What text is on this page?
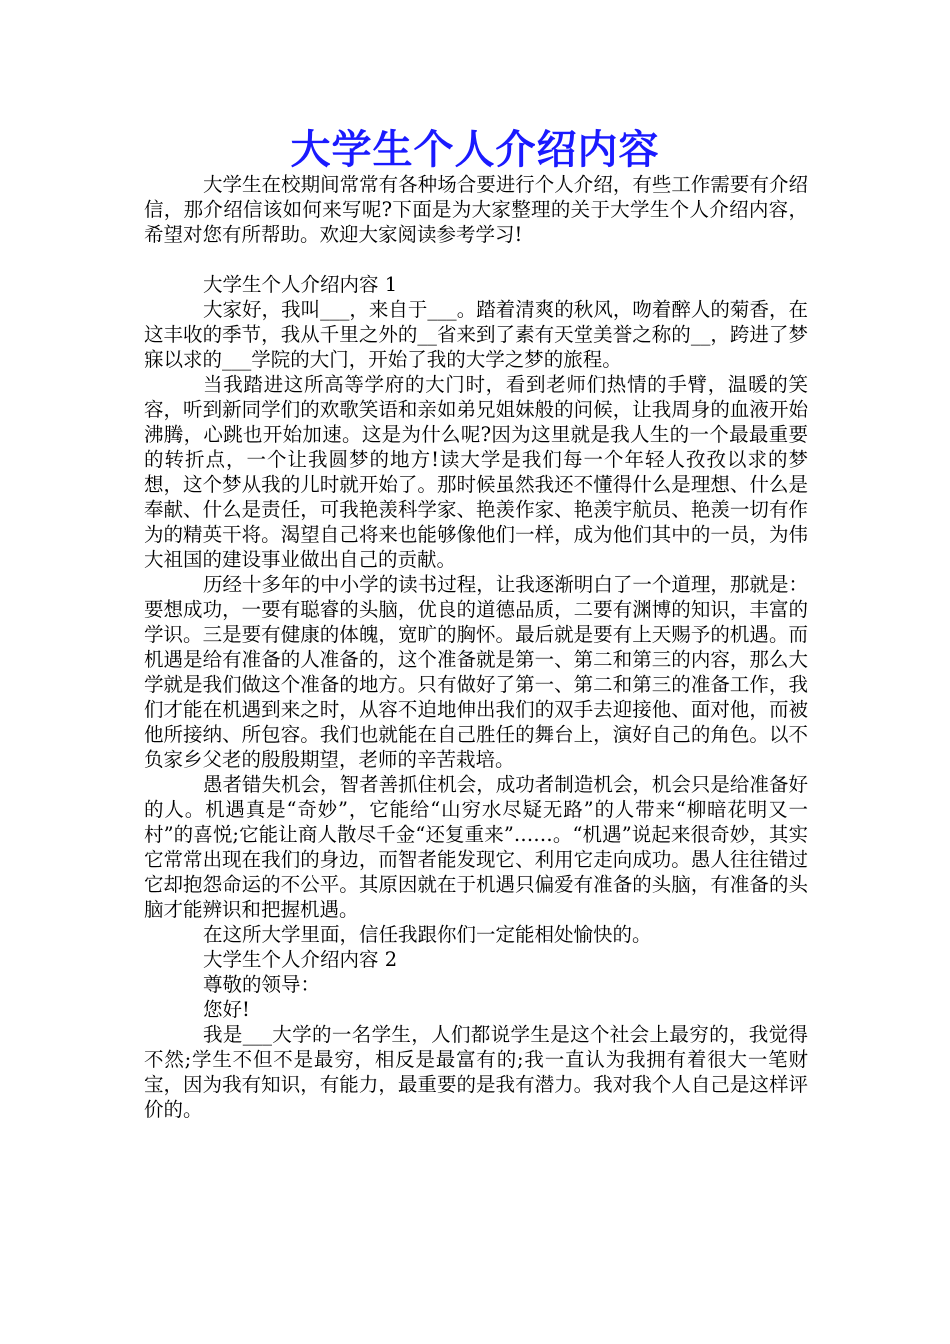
大学生个人介绍内容

大学生在校期间常常有各种场合要进行个人介绍，有些工作需要有介绍信，那介绍信该如何来写呢?下面是为大家整理的关于大学生个人介绍内容，希望对您有所帮助。欢迎大家阅读参考学习!

大学生个人介绍内容 1

大家好，我叫___，来自于___。踏着清爽的秋风，吻着醉人的菊香，在这丰收的季节，我从千里之外的__省来到了素有天堂美誉之称的__，跨进了梦寐以求的___学院的大门，开始了我的大学之梦的旅程。

当我踏进这所高等学府的大门时，看到老师们热情的手臂，温暖的笑容，听到新同学们的欢歌笑语和亲如弟兄姐妹般的问候，让我周身的血液开始沸腾，心跳也开始加速。这是为什么呢?因为这里就是我人生的一个最最重要的转折点，一个让我圆梦的地方!读大学是我们每一个年轻人孜孜以求的梦想，这个梦从我的儿时就开始了。那时候虽然我还不懂得什么是理想、什么是奉献、什么是责任，可我艳羡科学家、艳羡作家、艳羡宇航员、艳羡一切有作为的精英干将。渴望自己将来也能够像他们一样，成为他们其中的一员，为伟大祖国的建设事业做出自己的贡献。

历经十多年的中小学的读书过程，让我逐渐明白了一个道理，那就是：要想成功，一要有聪睿的头脑，优良的道德品质，二要有渊博的知识，丰富的学识。三是要有健康的体魄，宽旷的胸怀。最后就是要有上天赐予的机遇。而机遇是给有准备的人准备的，这个准备就是第一、第二和第三的内容，那么大学就是我们做这个准备的地方。只有做好了第一、第二和第三的准备工作，我们才能在机遇到来之时，从容不迫地伸出我们的双手去迎接他、面对他，而被他所接纳、所包容。我们也就能在自己胜任的舞台上，演好自己的角色。以不负家乡父老的殷殷期望，老师的辛苦栽培。

愚者错失机会，智者善抓住机会，成功者制造机会，机会只是给准备好的人。机遇真是“奇妙”，它能给“山穷水尽疑无路”的人带来“柳暗花明又一村”的喜悦;它能让商人散尽千金“还复重来”……。“机遇”说起来很奇妙，其实它常常出现在我们的身边，而智者能发现它、利用它走向成功。愚人往往错过它却抱怨命运的不公平。其原因就在于机遇只偏爱有准备的头脑，有准备的头脑才能辨识和把握机遇。

在这所大学里面，信任我跟你们一定能相处愉快的。

大学生个人介绍内容 2

尊敬的领导：

您好!

我是___大学的一名学生，人们都说学生是这个社会上最穷的，我觉得不然;学生不但不是最穷，相反是最富有的;我一直认为我拥有着很大一笔财宝，因为我有知识，有能力，最重要的是我有潜力。我对我个人自己是这样评价的。
